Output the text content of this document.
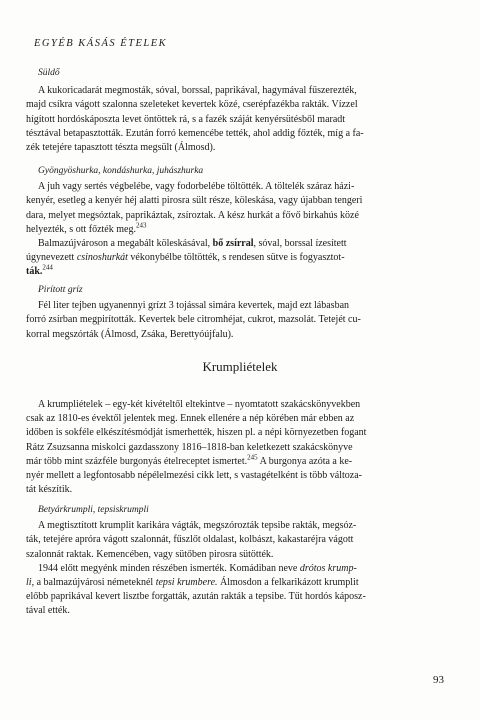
EGYÉB KÁSÁS ÉTELEK
Süldő

A kukoricadarát megmosták, sóval, borssal, paprikával, hagymával fűszerezték,

majd csíkra vágott szalonna szeleteket kevertek közé, cserépfazékba rakták. Vízzel

hígított hordóskáposzta levet öntöttek rá, s a fazék száját kenyérsütésből maradt

tésztával betapasztották. Ezután forró kemencébe tették, ahol addig főzték, míg a fa-

zék tetejére tapasztott tészta megsült (Álmosd).

Gyöngyöshurka, kondáshurka, juhászhurka

A juh vagy sertés végbelébe, vagy fodorbelébe töltötték. A töltelék száraz házi-

kenyér, esetleg a kenyér héj alatti pirosra sült része, köleskása, vagy újabban tengeri

dara, melyet megsóztak, paprikáztak, zsíroztak. A kész hurkát a fővő birkahús közé

helyezték, s ott főzték meg.$^{243}$

Balmazújvároson a megabált köleskásával, bő zsírral, sóval, borssal ízesített

úgynevezett csinoshurkát vékonybélbe töltötték, s rendesen sütve is fogyasztot-

ták.$^{244}$

Pirított gríz

Fél liter tejben ugyanennyi grízt 3 tojással simára kevertek, majd ezt lábasban

forró zsírban megpirították. Kevertek bele citromhéjat, cukrot, mazsolát. Tetejét cu-

korral megszórták (Álmosd, Zsáka, Berettyóújfalu).

Krumpliételek

A krumpliételek – egy-két kivételtől eltekintve – nyomtatott szakácskönyvekben

csak az 1810-es évektől jelentek meg. Ennek ellenére a nép körében már ebben az

időben is sokféle elkészítésmódját ismerhették, hiszen pl. a népi környezetben fogant

Rátz Zsuzsanna miskolci gazdasszony 1816–1818-ban keletkezett szakácskönyve

már több mint százféle burgonyás ételreceptet ismertet.$^{245}$ A burgonya azóta a ke-

nyér mellett a legfontosabb népélelmezési cikk lett, s vastagételként is több változa-

tát készítik.

Betyárkrumpli, tepsiskrumpli

A megtisztított krumplit karikára vágták, megszórozták tepsibe rakták, megsóz-

ták, tetejére apróra vágott szalonnát, fűszlőt oldalast, kolbászt, kakastaréjra vágott

szalonnát raktak. Kemencében, vagy sütőben pirosra sütötték.

1944 előtt megyénk minden részében ismerték. Komádiban neve drótos krump-

li, a balmazújvárosi németeknél tepsi krumbere. Álmosdon a felkarikázott krumplit

előbb paprikával kevert lisztbe forgatták, azután rakták a tepsibe. Tűt hordós káposz-

tával ették.

93
